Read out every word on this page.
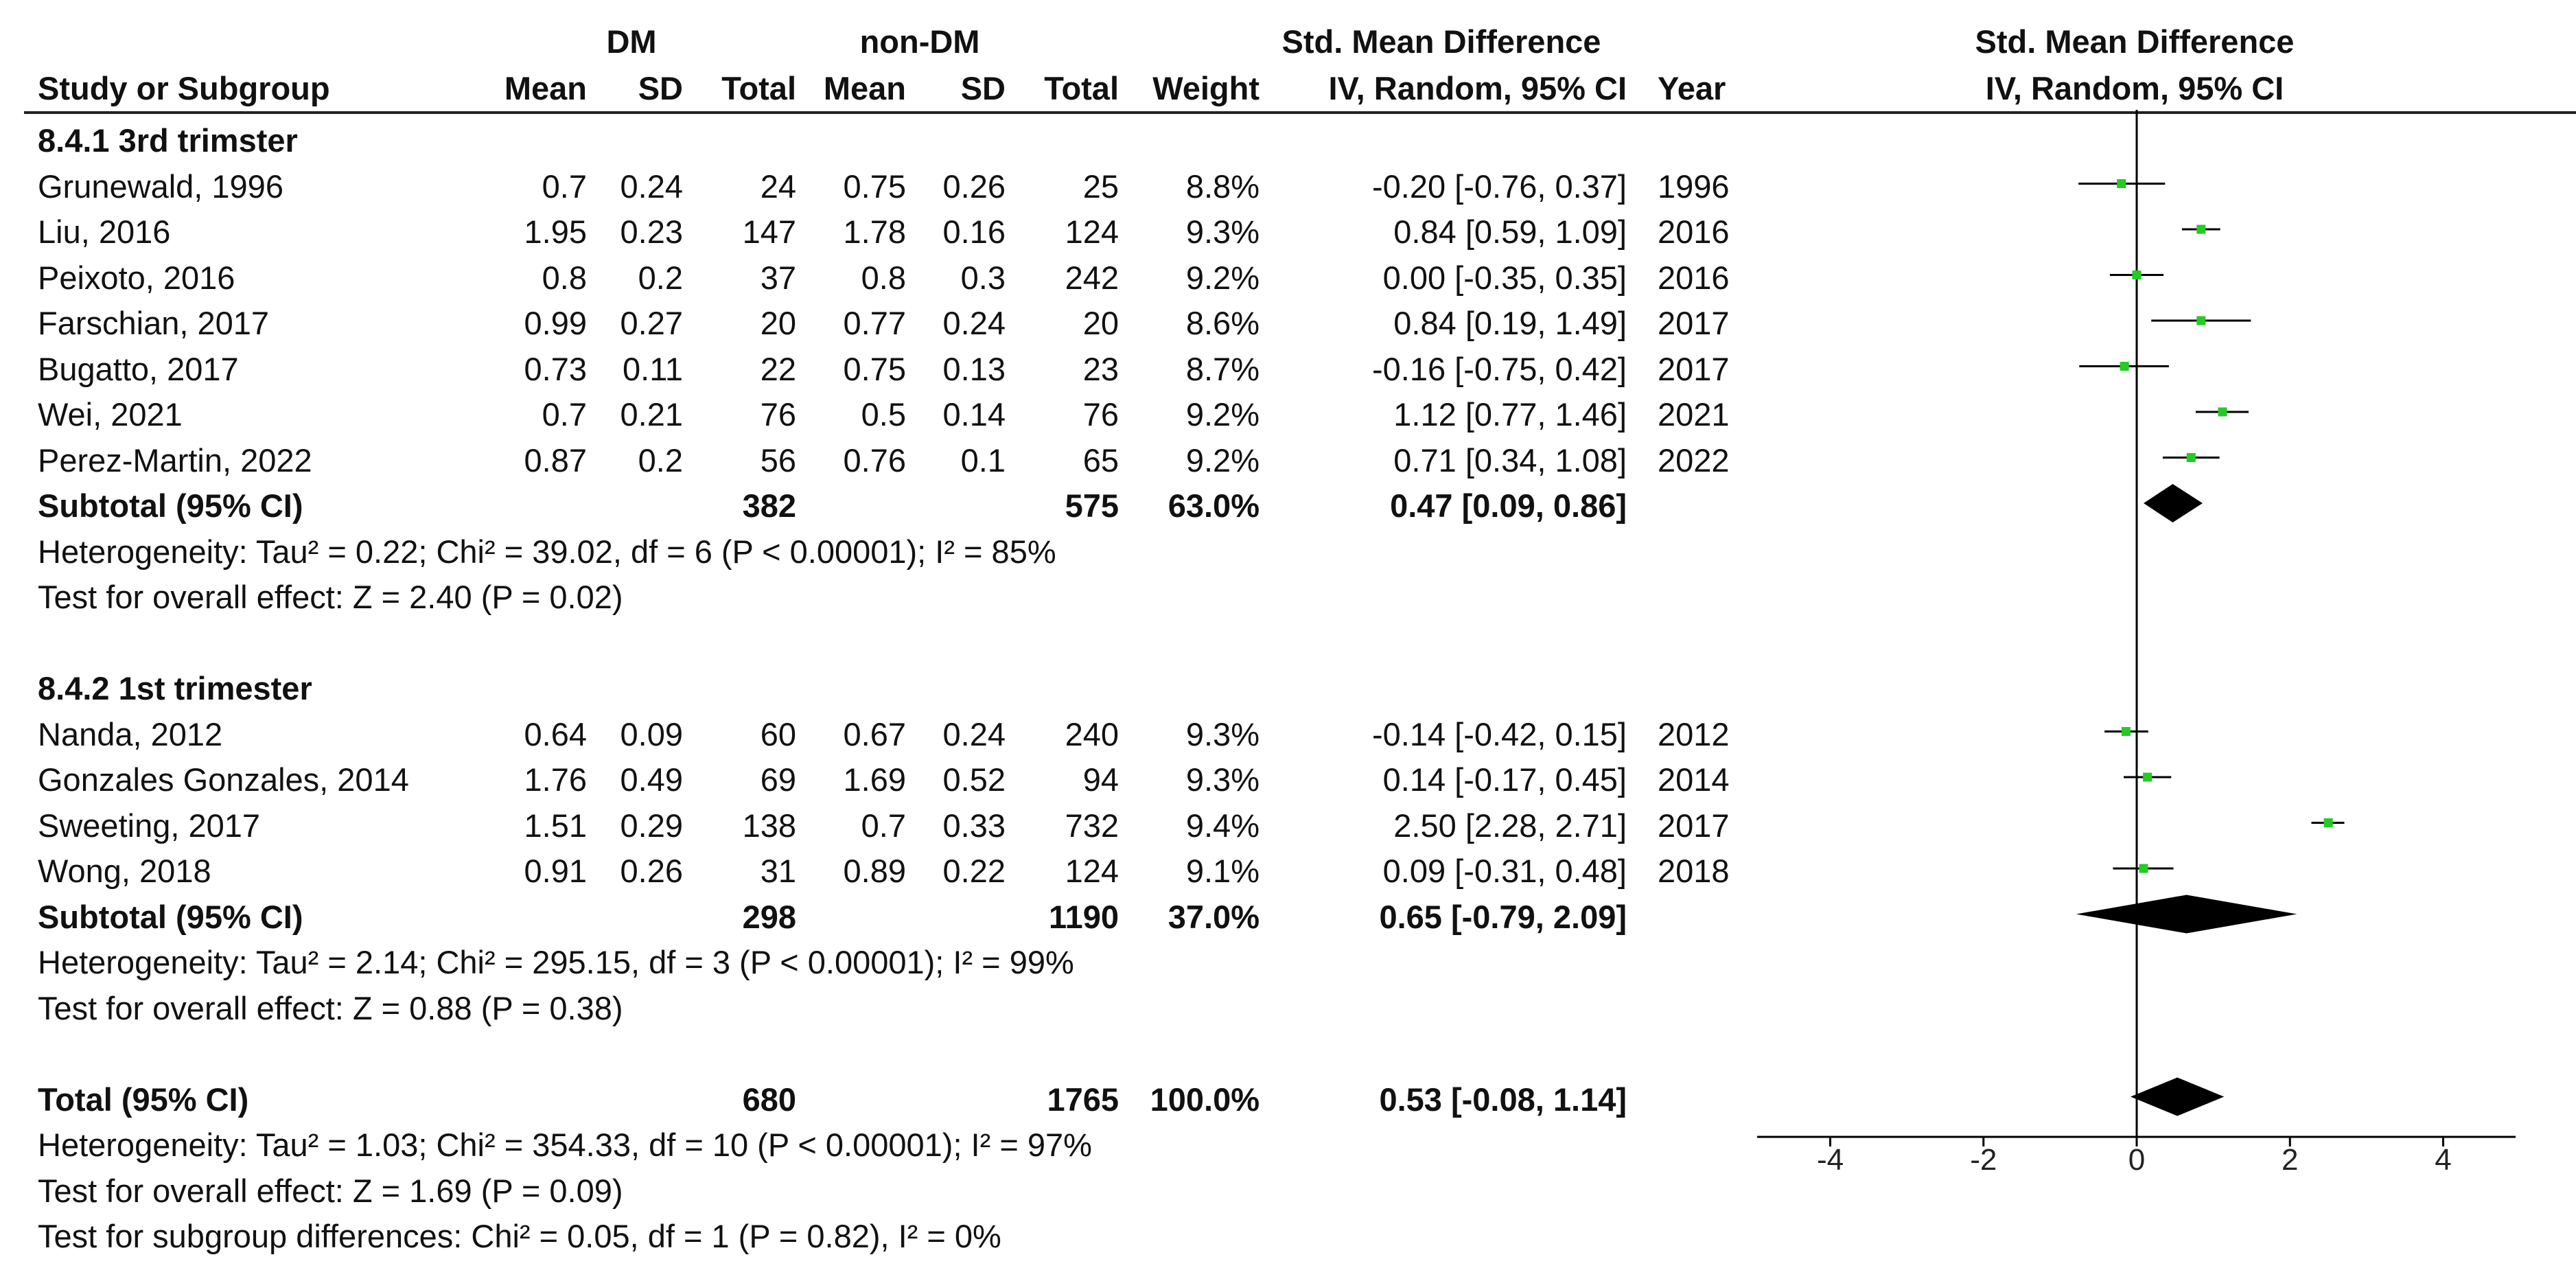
DM	non-DM	Std. Mean Difference	Std. Mean Difference
Study or Subgroup	Mean	SD	Total Mean	SD	Total	Weight	IV, Random, 95% CI Year	IV, Random, 95% CI
8.4.1 3rd trimster
Grunewald, 1996	0.7	0.24	24	0.75	0.26	25	8.8%	-0.20 [-0.76, 0.37] 1996
Liu, 2016	1.95	0.23	147	1.78	0.16	124	9.3%	0.84 [0.59, 1.09] 2016
Peixoto, 2016	0.8	0.2	37	0.8	0.3	242	9.2%	0.00 [-0.35, 0.35] 2016
Farschian, 2017	0.99	0.27	20	0.77	0.24	20	8.6%	0.84 [0.19, 1.49] 2017
Bugatto, 2017	0.73	0.11	22	0.75	0.13	23	8.7%	-0.16 [-0.75, 0.42] 2017
Wei, 2021	0.7	0.21	76	0.5	0.14	76	9.2%	1.12 [0.77, 1.46] 2021
Perez-Martin, 2022	0.87	0.2	56	0.76	0.1	65	9.2%	0.71 [0.34, 1.08] 2022
Subtotal (95% CI)	382	575	63.0%	0.47 [0.09, 0.86]
Heterogeneity: Tau² = 0.22; Chi² = 39.02, df = 6 (P < 0.00001); I² = 85%
Test for overall effect: Z = 2.40 (P = 0.02)
8.4.2 1st trimester
Nanda, 2012	0.64	0.09	60	0.67	0.24	240	9.3%	-0.14 [-0.42, 0.15] 2012
Gonzales Gonzales, 2014	1.76	0.49	69	1.69	0.52	94	9.3%	0.14 [-0.17, 0.45] 2014
Sweeting, 2017	1.51	0.29	138	0.7	0.33	732	9.4%	2.50 [2.28, 2.71] 2017
Wong, 2018	0.91	0.26	31	0.89	0.22	124	9.1%	0.09 [-0.31, 0.48] 2018
Subtotal (95% CI)	298	1190	37.0%	0.65 [-0.79, 2.09]
Heterogeneity: Tau² = 2.14; Chi² = 295.15, df = 3 (P < 0.00001); I² = 99%
Test for overall effect: Z = 0.88 (P = 0.38)
Total (95% CI)	680	1765 100.0%	0.53 [-0.08, 1.14]
Heterogeneity: Tau² = 1.03; Chi² = 354.33, df = 10 (P < 0.00001); I² = 97%
Test for overall effect: Z = 1.69 (P = 0.09)
Test for subgroup differences: Chi² = 0.05, df = 1 (P = 0.82), I² = 0%
-4	-2	0	2	4
